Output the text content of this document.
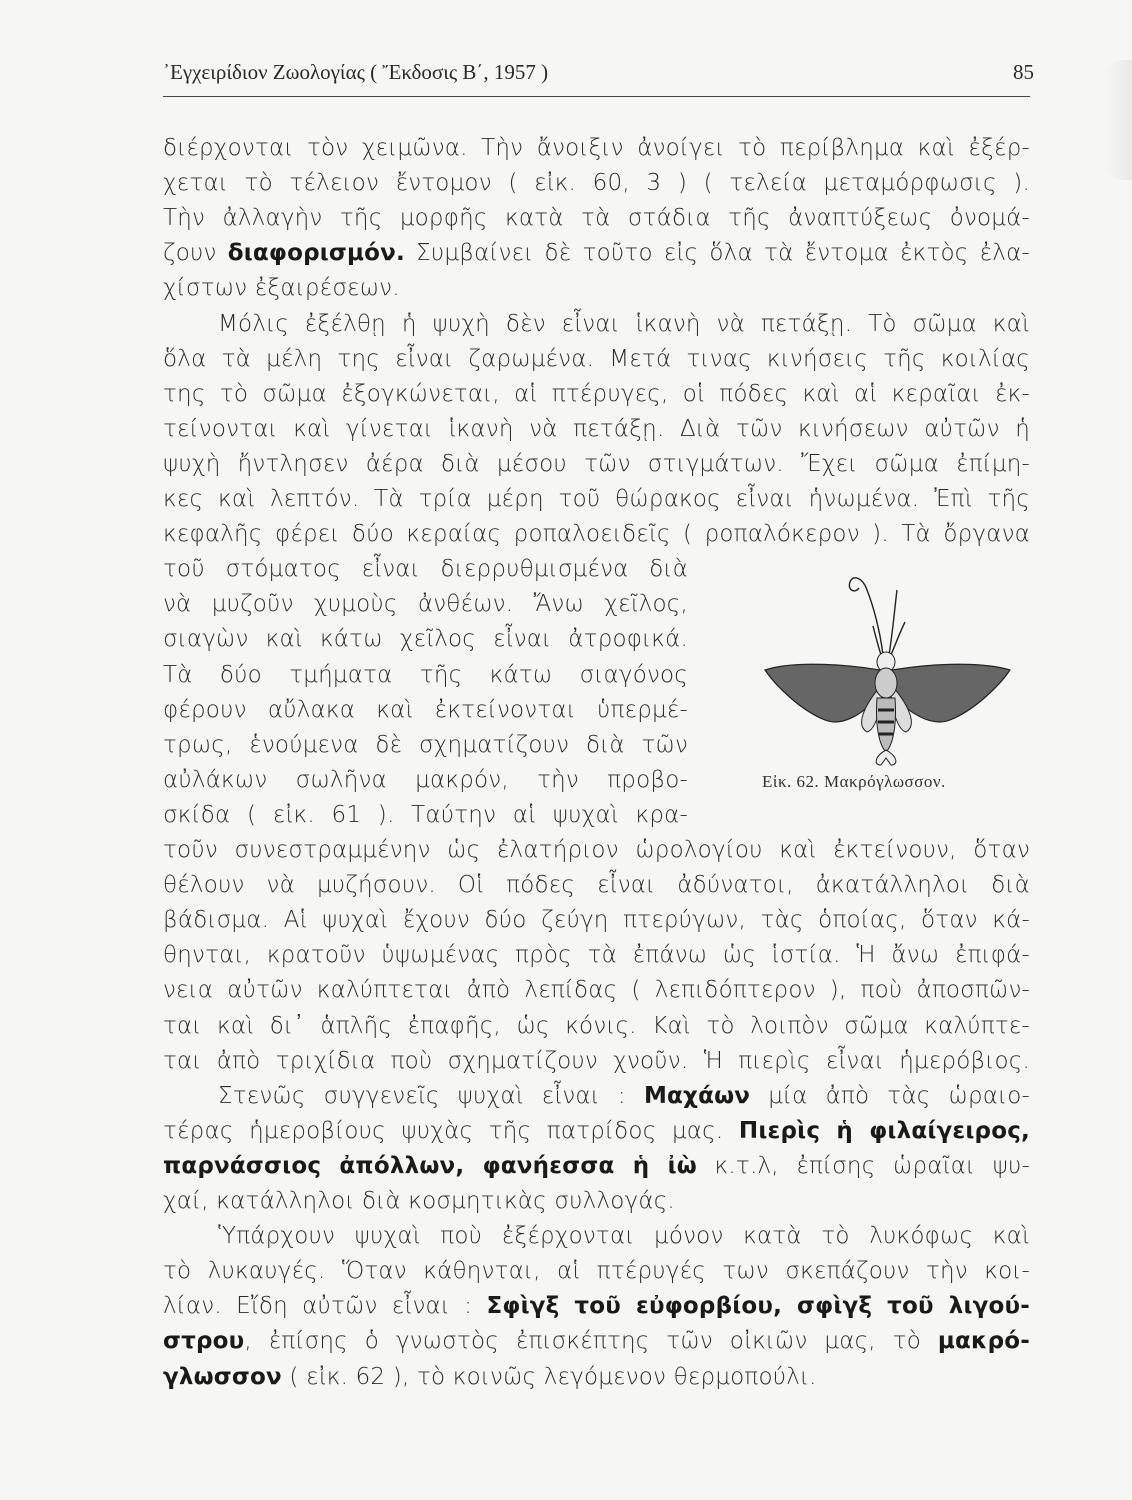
᾿Εγχειρίδιον Ζωολογίας ( Ἔκδοσις Β΄, 1957 )	85
διέρχονται τὸν χειμῶνα. Τὴν ἄνοιξιν ἀνοίγει τὸ περίβλημα καὶ ἐξέρ-
χεται τὸ τέλειον ἔντομον ( εἰκ. 60, 3 ) ( τελεία μεταμόρφωσις ).
Τὴν ἀλλαγὴν τῆς μορφῆς κατὰ τὰ στάδια τῆς ἀναπτύξεως ὀνομά-
ζουν διαφορισμόν. Συμβαίνει δὲ τοῦτο εἰς ὅλα τὰ ἔντομα ἐκτὸς ἐλα-
χίστων ἐξαιρέσεων.
Μόλις ἐξέλθῃ ἡ ψυχὴ δὲν εἶναι ἱκανὴ νὰ πετάξῃ. Τὸ σῶμα καὶ
ὅλα τὰ μέλη της εἶναι ζαρωμένα. Μετά τινας κινήσεις τῆς κοιλίας
της τὸ σῶμα ἐξογκώνεται, αἱ πτέρυγες, οἱ πόδες καὶ αἱ κεραῖαι ἐκ-
τείνονται καὶ γίνεται ἱκανὴ νὰ πετάξῃ. Διὰ τῶν κινήσεων αὐτῶν ἡ
ψυχὴ ἤντλησεν ἀέρα διὰ μέσου τῶν στιγμάτων. Ἔχει σῶμα ἐπίμη-
κες καὶ λεπτόν. Τὰ τρία μέρη τοῦ θώρακος εἶναι ἡνωμένα. Ἐπὶ τῆς
κεφαλῆς φέρει δύο κεραίας ροπαλοειδεῖς ( ροπαλόκερον ). Τὰ ὄργανα
τοῦ στόματος εἶναι διερρυθμισμένα διὰ
νὰ μυζοῦν χυμοὺς ἀνθέων. Ἄνω χεῖλος,
σιαγὼν καὶ κάτω χεῖλος εἶναι ἀτροφικά.
Τὰ δύο τμήματα τῆς κάτω σιαγόνος
φέρουν αὔλακα καὶ ἐκτείνονται ὑπερμέ-
τρως, ἑνούμενα δὲ σχηματίζουν διὰ τῶν
αὐλάκων σωλῆνα μακρόν, τὴν προβο-
σκίδα ( εἰκ. 61 ). Ταύτην αἱ ψυχαὶ κρα-
τοῦν συνεστραμμένην ὡς ἐλατήριον ὡρολογίου καὶ ἐκτείνουν, ὅταν
θέλουν νὰ μυζήσουν. Οἱ πόδες εἶναι ἀδύνατοι, ἀκατάλληλοι διὰ
βάδισμα. Αἱ ψυχαὶ ἔχουν δύο ζεύγη πτερύγων, τὰς ὁποίας, ὅταν κά-
θηνται, κρατοῦν ὑψωμένας πρὸς τὰ ἐπάνω ὡς ἱστία. Ἡ ἄνω ἐπιφά-
νεια αὐτῶν καλύπτεται ἀπὸ λεπίδας ( λεπιδόπτερον ), ποὺ ἀποσπῶν-
ται καὶ δι᾿ ἁπλῆς ἐπαφῆς, ὡς κόνις. Καὶ τὸ λοιπὸν σῶμα καλύπτε-
ται ἀπὸ τριχίδια ποὺ σχηματίζουν χνοῦν. Ἡ πιερὶς εἶναι ἡμερόβιος.
Στενῶς συγγενεῖς ψυχαὶ εἶναι : Μαχάων μία ἀπὸ τὰς ὡραιο-
τέρας ἡμεροβίους ψυχὰς τῆς πατρίδος μας. Πιερὶς ἡ φιλαίγειρος,
παρνάσσιος ἀπόλλων, φανήεσσα ἡ ἰὼ κ.τ.λ, ἐπίσης ὡραῖαι ψυ-
χαί, κατάλληλοι διὰ κοσμητικὰς συλλογάς.
Ὑπάρχουν ψυχαὶ ποὺ ἐξέρχονται μόνον κατὰ τὸ λυκόφως καὶ
τὸ λυκαυγές. Ὅταν κάθηνται, αἱ πτέρυγές των σκεπάζουν τὴν κοι-
λίαν. Εἴδη αὐτῶν εἶναι : Σφὶγξ τοῦ εὐφορβίου, σφὶγξ τοῦ λιγού-
στρου, ἐπίσης ὁ γνωστὸς ἐπισκέπτης τῶν οἰκιῶν μας, τὸ μακρό-
γλωσσον ( εἰκ. 62 ), τὸ κοινῶς λεγόμενον θερμοπούλι.
Εἰκ. 62. Μακρόγλωσσον.
